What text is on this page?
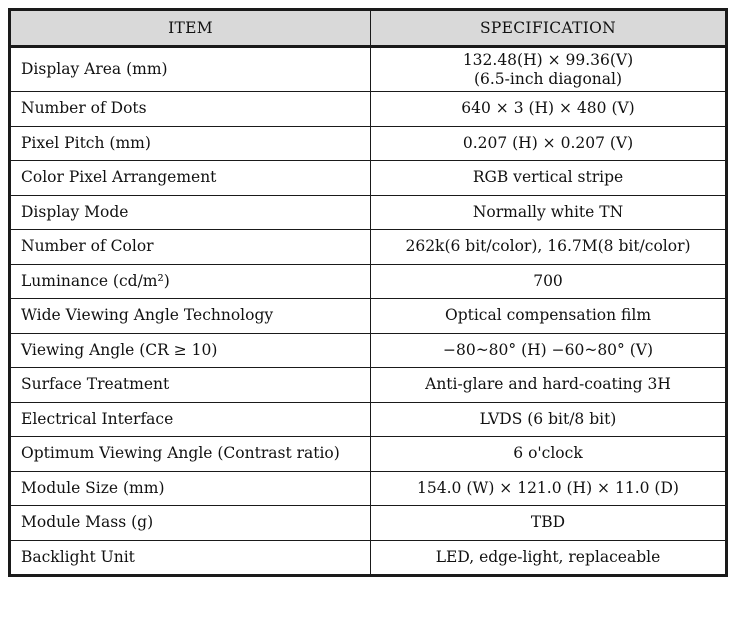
ITEM	SPECIFICATION
Display Area (mm)	132.48(H) × 99.36(V)
(6.5-inch diagonal)

Number of Dots	640 × 3 (H) × 480 (V)

Pixel Pitch (mm)	0.207 (H) × 0.207 (V)

Color Pixel Arrangement	RGB vertical stripe

Display Mode	Normally white TN

Number of Color	262k(6 bit/color), 16.7M(8 bit/color)

Luminance (cd/m²)	700

Wide Viewing Angle Technology	Optical compensation film

Viewing Angle (CR ≥ 10)	−80~80° (H) −60~80° (V)

Surface Treatment	Anti-glare and hard-coating 3H

Electrical Interface	LVDS (6 bit/8 bit)

Optimum Viewing Angle (Contrast ratio)	6 o'clock

Module Size (mm)	154.0 (W) × 121.0 (H) × 11.0 (D)

Module Mass (g)	TBD

Backlight Unit	LED, edge-light, replaceable
